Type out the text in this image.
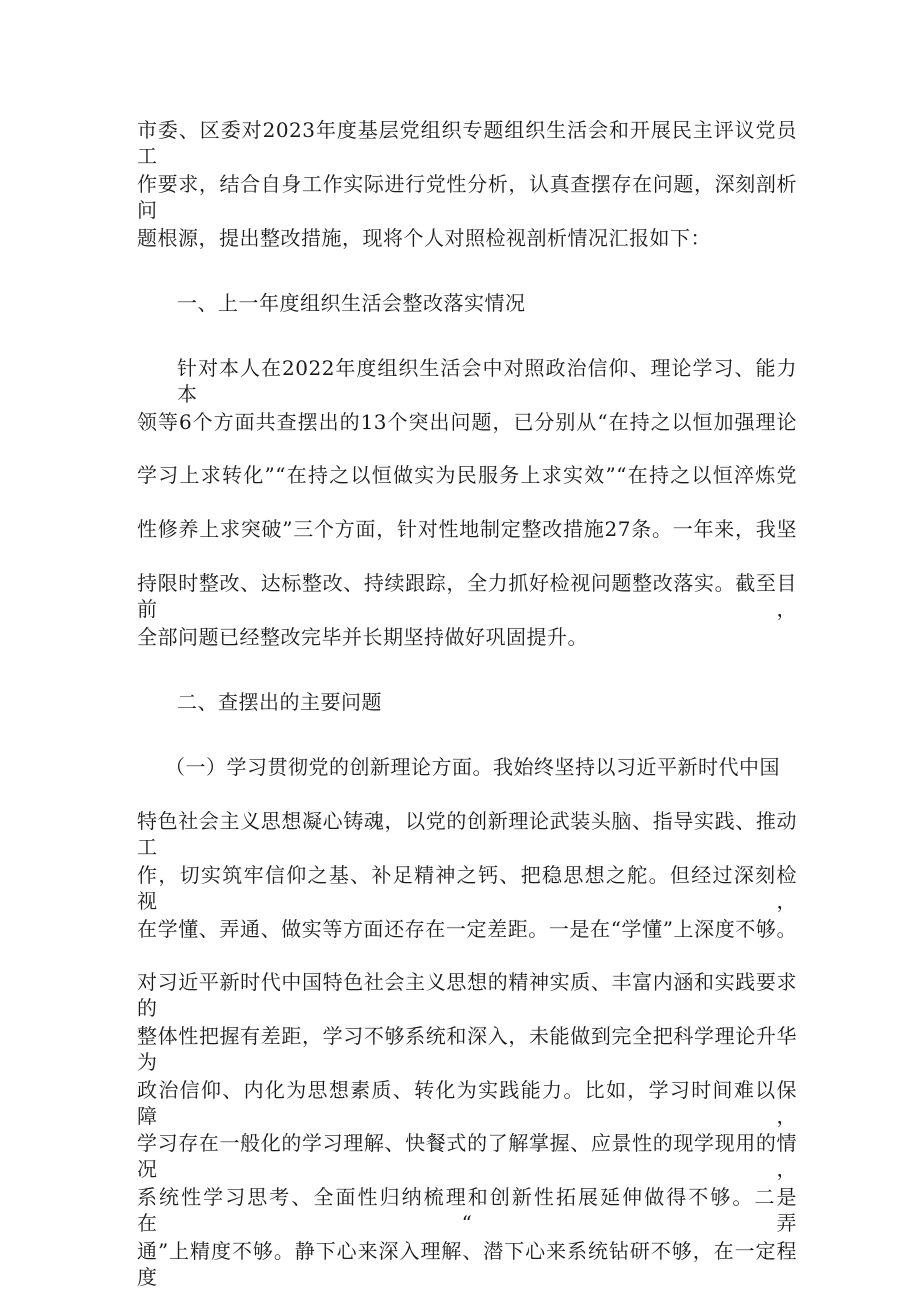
市委、区委对2023年度基层党组织专题组织生活会和开展民主评议党员工
作要求，结合自身工作实际进行党性分析，认真查摆存在问题，深刻剖析问
题根源，提出整改措施，现将个人对照检视剖析情况汇报如下：
一、上一年度组织生活会整改落实情况
针对本人在2022年度组织生活会中对照政治信仰、理论学习、能力本
领等6个方面共查摆出的13个突出问题，已分别从“在持之以恒加强理论
学习上求转化”“在持之以恒做实为民服务上求实效”“在持之以恒淬炼党
性修养上求突破”三个方面，针对性地制定整改措施27条。一年来，我坚
持限时整改、达标整改、持续跟踪，全力抓好检视问题整改落实。截至目前，
全部问题已经整改完毕并长期坚持做好巩固提升。
二、查摆出的主要问题
（一）学习贯彻党的创新理论方面。我始终坚持以习近平新时代中国
特色社会主义思想凝心铸魂，以党的创新理论武装头脑、指导实践、推动工
作，切实筑牢信仰之基、补足精神之钙、把稳思想之舵。但经过深刻检视，
在学懂、弄通、做实等方面还存在一定差距。一是在“学懂”上深度不够。
对习近平新时代中国特色社会主义思想的精神实质、丰富内涵和实践要求的
整体性把握有差距，学习不够系统和深入，未能做到完全把科学理论升华为
政治信仰、内化为思想素质、转化为实践能力。比如，学习时间难以保障，
学习存在一般化的学习理解、快餐式的了解掌握、应景性的现学现用的情况，
系统性学习思考、全面性归纳梳理和创新性拓展延伸做得不够。二是在“弄
通”上精度不够。静下心来深入理解、潜下心来系统钻研不够，在一定程度
